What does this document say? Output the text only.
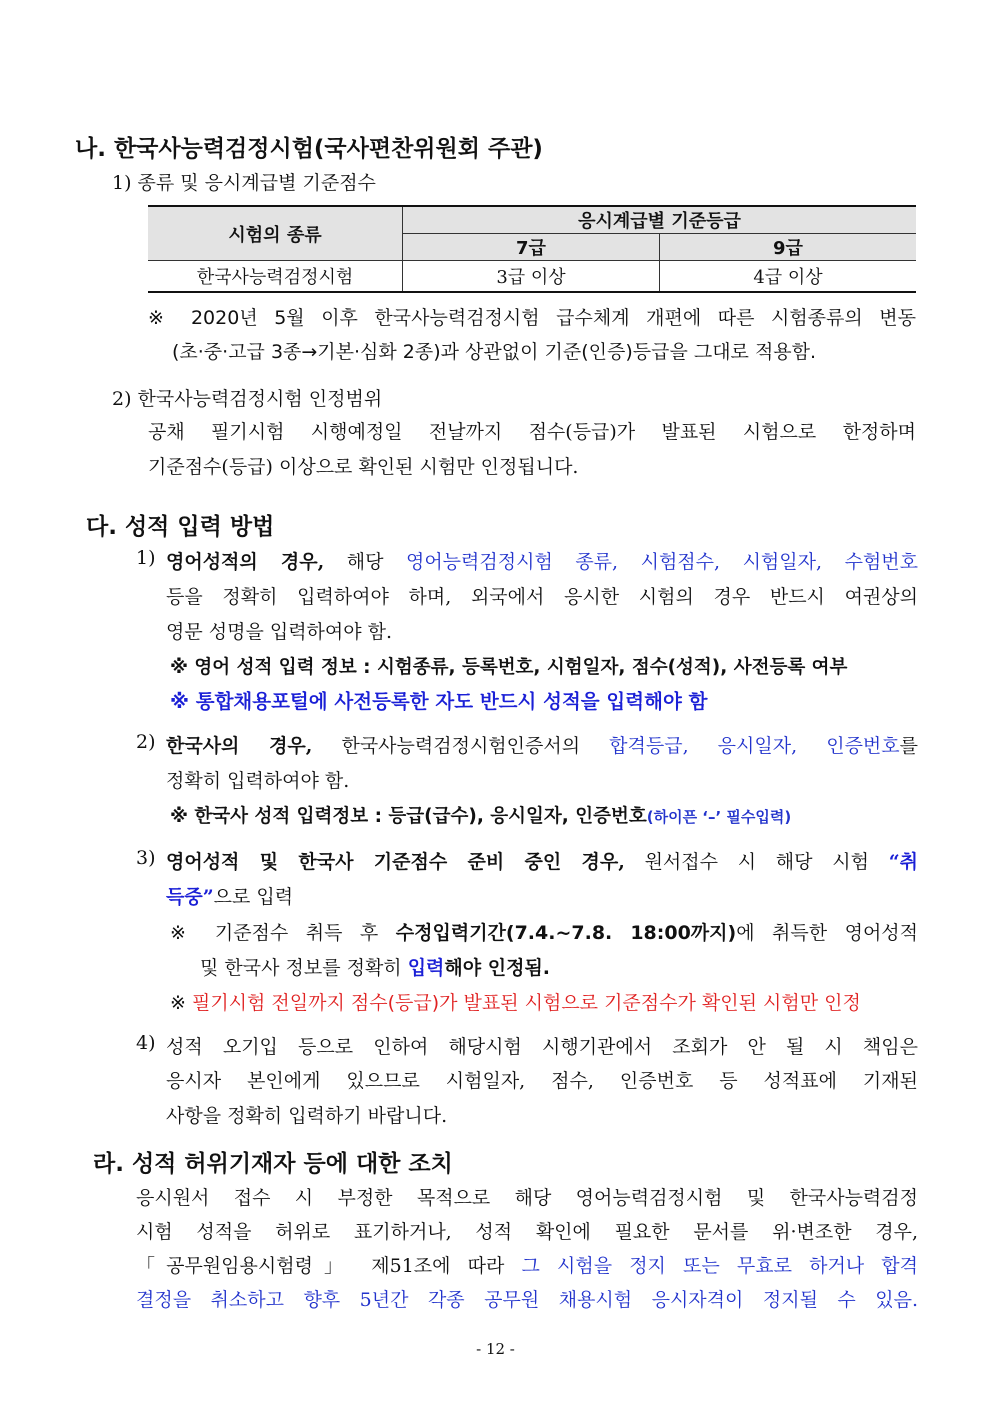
나. 한국사능력검정시험(국사편찬위원회 주관)
1) 종류 및 응시계급별 기준점수
시험의 종류	응시계급별 기준등급	
	7급	9급
한국사능력검정시험	3급 이상	4급 이상
※ 2020년 5월 이후 한국사능력검정시험 급수체계 개편에 따른 시험종류의 변동
(초·중·고급 3종→기본·심화 2종)과 상관없이 기준(인증)등급을 그대로 적용함.
2) 한국사능력검정시험 인정범위
공채 필기시험 시행예정일 전날까지 점수(등급)가 발표된 시험으로 한정하며
기준점수(등급) 이상으로 확인된 시험만 인정됩니다.
다. 성적 입력 방법
1) 영어성적의 경우, 해당 영어능력검정시험 종류, 시험점수, 시험일자, 수험번호
등을 정확히 입력하여야 하며, 외국에서 응시한 시험의 경우 반드시 여권상의
영문 성명을 입력하여야 함.
※ 영어 성적 입력 정보 : 시험종류, 등록번호, 시험일자, 점수(성적), 사전등록 여부
※ 통합채용포털에 사전등록한 자도 반드시 성적을 입력해야 함
2) 한국사의 경우, 한국사능력검정시험인증서의 합격등급, 응시일자, 인증번호를
정확히 입력하여야 함.
※ 한국사 성적 입력정보 : 등급(급수), 응시일자, 인증번호(하이픈 ‘–’ 필수입력)
3) 영어성적 및 한국사 기준점수 준비 중인 경우, 원서접수 시 해당 시험 “취
득중”으로 입력
※ 기준점수 취득 후 수정입력기간(7.4.~7.8. 18:00까지)에 취득한 영어성적
및 한국사 정보를 정확히 입력해야 인정됨.
※ 필기시험 전일까지 점수(등급)가 발표된 시험으로 기준점수가 확인된 시험만 인정
4) 성적 오기입 등으로 인하여 해당시험 시행기관에서 조회가 안 될 시 책임은
응시자 본인에게 있으므로 시험일자, 점수, 인증번호 등 성적표에 기재된
사항을 정확히 입력하기 바랍니다.
라. 성적 허위기재자 등에 대한 조치
응시원서 접수 시 부정한 목적으로 해당 영어능력검정시험 및 한국사능력검정
시험 성적을 허위로 표기하거나, 성적 확인에 필요한 문서를 위·변조한 경우,
「공무원임용시험령」 제51조에 따라 그 시험을 정지 또는 무효로 하거나 합격
결정을 취소하고 향후 5년간 각종 공무원 채용시험 응시자격이 정지될 수 있음.
- 12 -
